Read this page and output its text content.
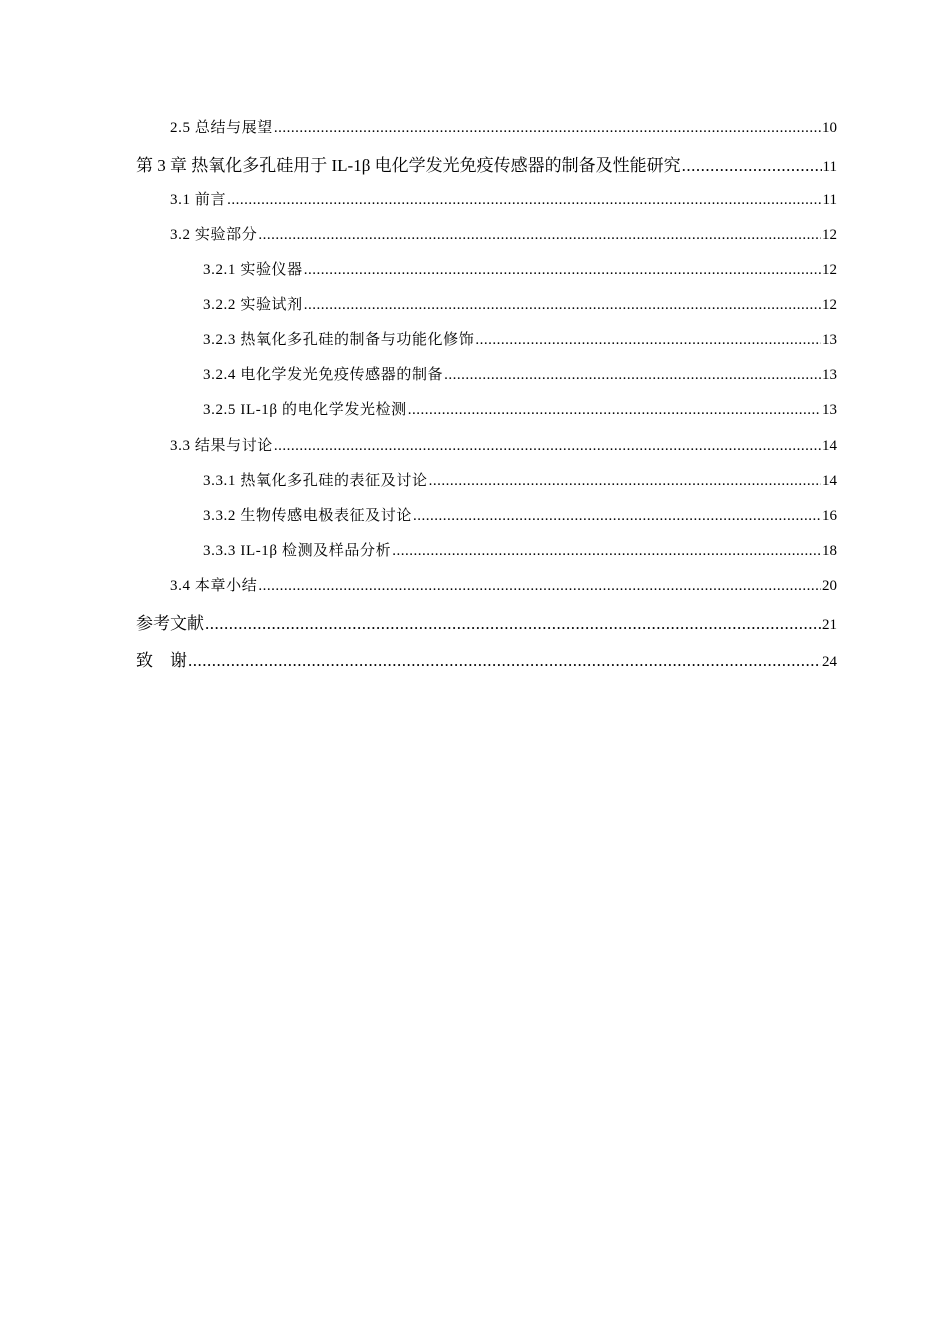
2.5 总结与展望 .....	10
第 3 章 热氧化多孔硅用于 IL-1β 电化学发光免疫传感器的制备及性能研究 .....	11
3.1 前言 .....	11
3.2 实验部分 .....	12
3.2.1 实验仪器 .....	12
3.2.2 实验试剂 .....	12
3.2.3 热氧化多孔硅的制备与功能化修饰 .....	13
3.2.4 电化学发光免疫传感器的制备 .....	13
3.2.5 IL-1β 的电化学发光检测 .....	13
3.3 结果与讨论 .....	14
3.3.1 热氧化多孔硅的表征及讨论 .....	14
3.3.2 生物传感电极表征及讨论 .....	16
3.3.3 IL-1β 检测及样品分析 .....	18
3.4 本章小结 .....	20
参考文献 .....	21
致    谢 .....	24
